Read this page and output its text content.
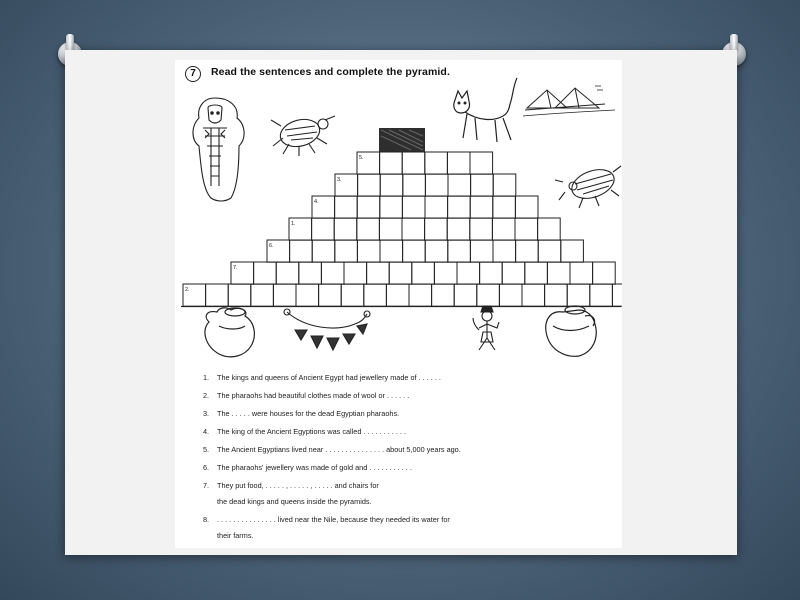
7	Read the sentences and complete the pyramid.
5.
3.
4.
1.
6.
7.
2.
1. The kings and queens of Ancient Egypt had jewellery made of . . . . . .
2. The pharaohs had beautiful clothes made of wool or . . . . . .
3. The . . . . . were houses for the dead Egyptian pharaohs.
4. The king of the Ancient Egyptions was called . . . . . . . . . . .
5. The Ancient Egyptians lived near . . . . . . . . . . . . . . . about 5,000 years ago.
6. The pharaohs' jewellery was made of gold and . . . . . . . . . . .
7. They put food, . . . . . , . . . . . , . . . . . and chairs for
the dead kings and queens inside the pyramids.
8. . . . . . . . . . . . . . . . lived near the Nile, because they needed its water for
their farms.
